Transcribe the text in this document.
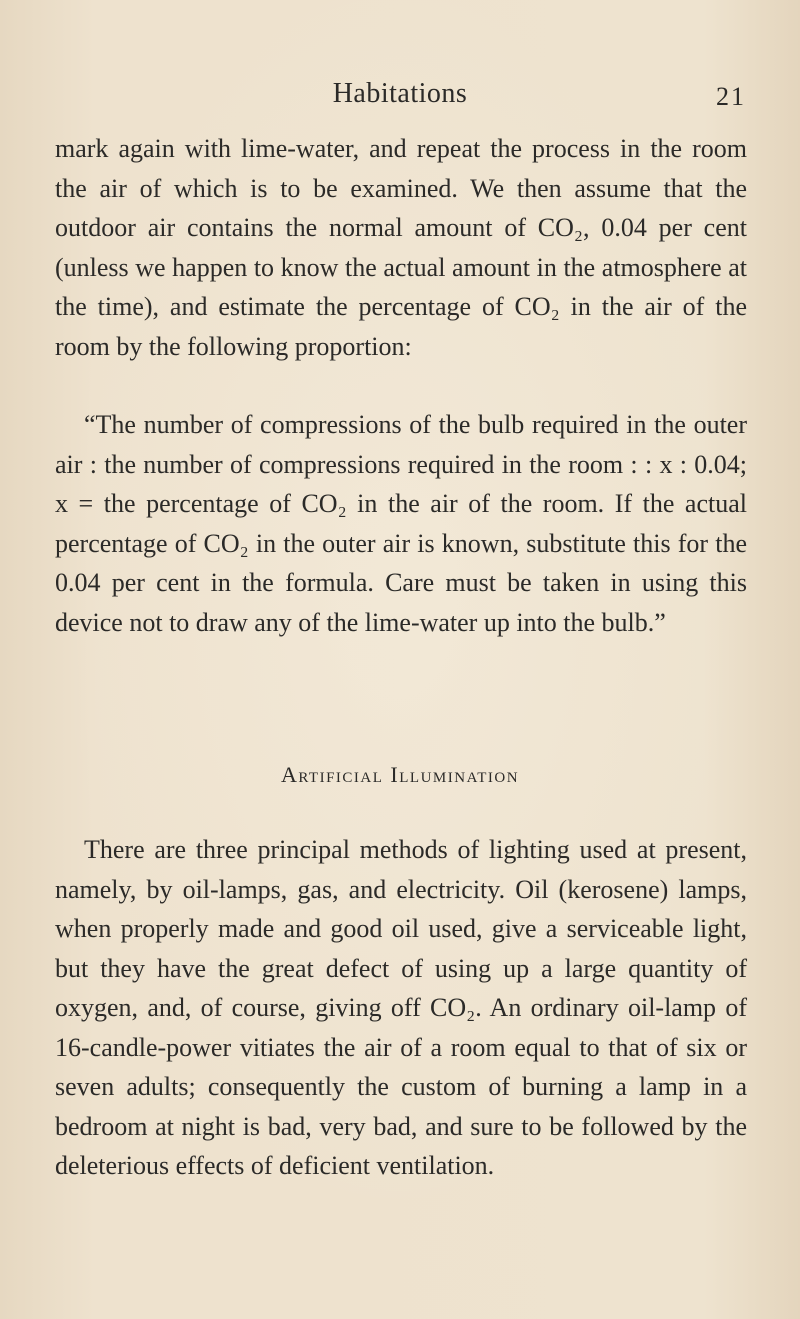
Habitations	21

mark again with lime-water, and repeat the process in the room the air of which is to be examined. We then assume that the outdoor air contains the normal amount of CO₂, 0.04 per cent (unless we happen to know the actual amount in the atmosphere at the time), and estimate the percentage of CO₂ in the air of the room by the following proportion:

“The number of compressions of the bulb required in the outer air : the number of compressions required in the room : : x : 0.04; x = the percentage of CO₂ in the air of the room. If the actual percentage of CO₂ in the outer air is known, substitute this for the 0.04 per cent in the formula. Care must be taken in using this device not to draw any of the lime-water up into the bulb.”

Artificial Illumination

There are three principal methods of lighting used at present, namely, by oil-lamps, gas, and electricity. Oil (kerosene) lamps, when properly made and good oil used, give a serviceable light, but they have the great defect of using up a large quantity of oxygen, and, of course, giving off CO₂. An ordinary oil-lamp of 16-candle-power vitiates the air of a room equal to that of six or seven adults; consequently the custom of burning a lamp in a bedroom at night is bad, very bad, and sure to be followed by the deleterious effects of deficient ventilation.
